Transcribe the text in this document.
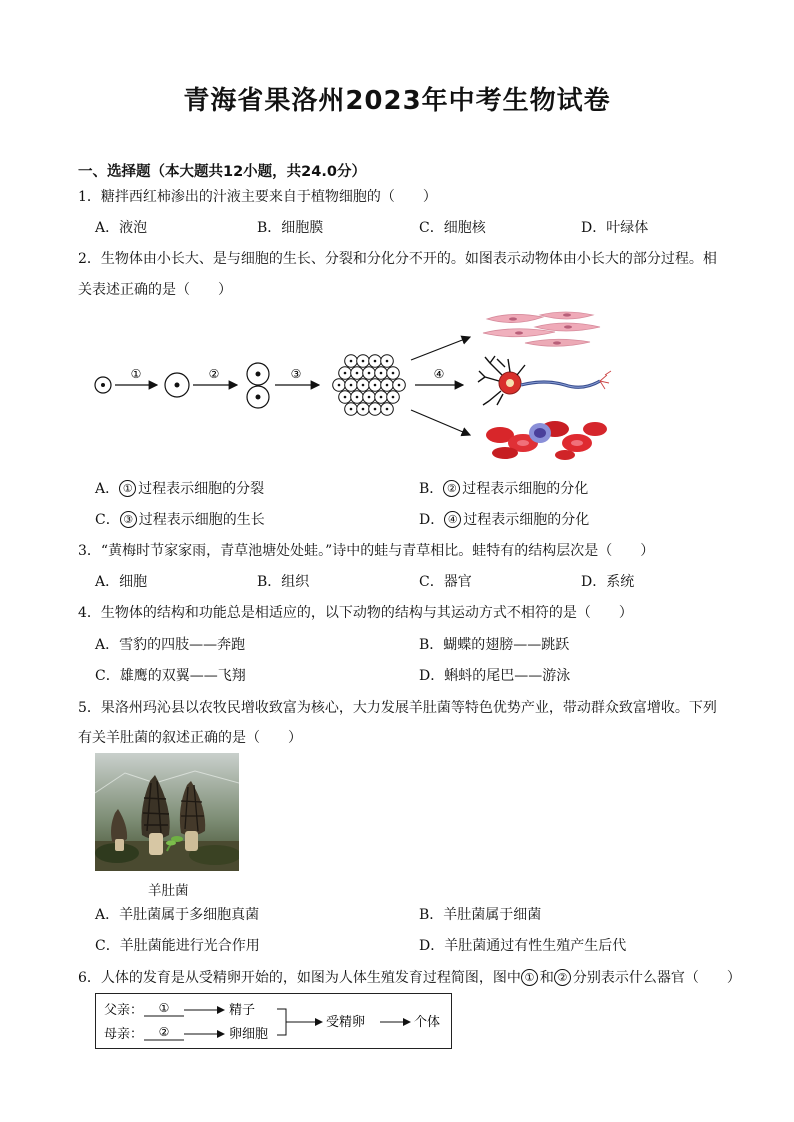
青海省果洛州2023年中考生物试卷
一、选择题（本大题共12小题，共24.0分）
1．糖拌西红柿渗出的汁液主要来自于植物细胞的（　　）
A．液泡	B．细胞膜	C．细胞核	D．叶绿体
2．生物体由小长大、是与细胞的生长、分裂和分化分不开的。如图表示动物体由小长大的部分过程。相
关表述正确的是（　　）
①	②	③	④
A． ① 过程表示细胞的分裂	B． ② 过程表示细胞的分化
C． ③ 过程表示细胞的生长	D． ④ 过程表示细胞的分化
3．“黄梅时节家家雨，青草池塘处处蛙。”诗中的蛙与青草相比。蛙特有的结构层次是（　　）
A．细胞	B．组织	C．器官	D．系统
4．生物体的结构和功能总是相适应的，以下动物的结构与其运动方式不相符的是（　　）
A．雪豹的四肢——奔跑	B．蝴蝶的翅膀——跳跃
C．雄鹰的双翼——飞翔	D．蝌蚪的尾巴——游泳
5．果洛州玛沁县以农牧民增收致富为核心，大力发展羊肚菌等特色优势产业，带动群众致富增收。下列
有关羊肚菌的叙述正确的是（　　）
羊肚菌
A．羊肚菌属于多细胞真菌	B．羊肚菌属于细菌
C．羊肚菌能进行光合作用	D．羊肚菌通过有性生殖产生后代
6．人体的发育是从受精卵开始的，如图为人体生殖发育过程简图，图中 ① 和 ② 分别表示什么器官（　　）
父亲：
母亲：
①
②
精子
卵细胞
受精卵	个体
